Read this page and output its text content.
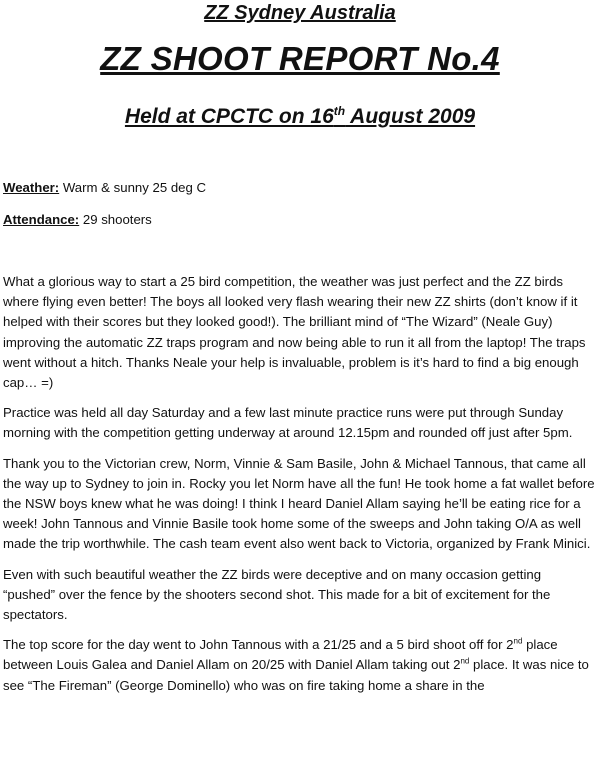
ZZ Sydney Australia

ZZ SHOOT REPORT No.4

Held at CPCTC on 16th August 2009

Weather: Warm & sunny 25 deg C
Attendance: 29 shooters

What a glorious way to start a 25 bird competition, the weather was just perfect and the ZZ birds where flying even better! The boys all looked very flash wearing their new ZZ shirts (don’t know if it helped with their scores but they looked good!). The brilliant mind of “The Wizard” (Neale Guy) improving the automatic ZZ traps program and now being able to run it all from the laptop! The traps went without a hitch. Thanks Neale your help is invaluable, problem is it’s hard to find a big enough cap… =)

Practice was held all day Saturday and a few last minute practice runs were put through Sunday morning with the competition getting underway at around 12.15pm and rounded off just after 5pm.

Thank you to the Victorian crew, Norm, Vinnie & Sam Basile, John & Michael Tannous, that came all the way up to Sydney to join in. Rocky you let Norm have all the fun! He took home a fat wallet before the NSW boys knew what he was doing! I think I heard Daniel Allam saying he’ll be eating rice for a week! John Tannous and Vinnie Basile took home some of the sweeps and John taking O/A as well made the trip worthwhile. The cash team event also went back to Victoria, organized by Frank Minici.

Even with such beautiful weather the ZZ birds were deceptive and on many occasion getting “pushed” over the fence by the shooters second shot. This made for a bit of excitement for the spectators.

The top score for the day went to John Tannous with a 21/25 and a 5 bird shoot off for 2nd place between Louis Galea and Daniel Allam on 20/25 with Daniel Allam taking out 2nd place. It was nice to see “The Fireman” (George Dominello) who was on fire taking home a share in the
